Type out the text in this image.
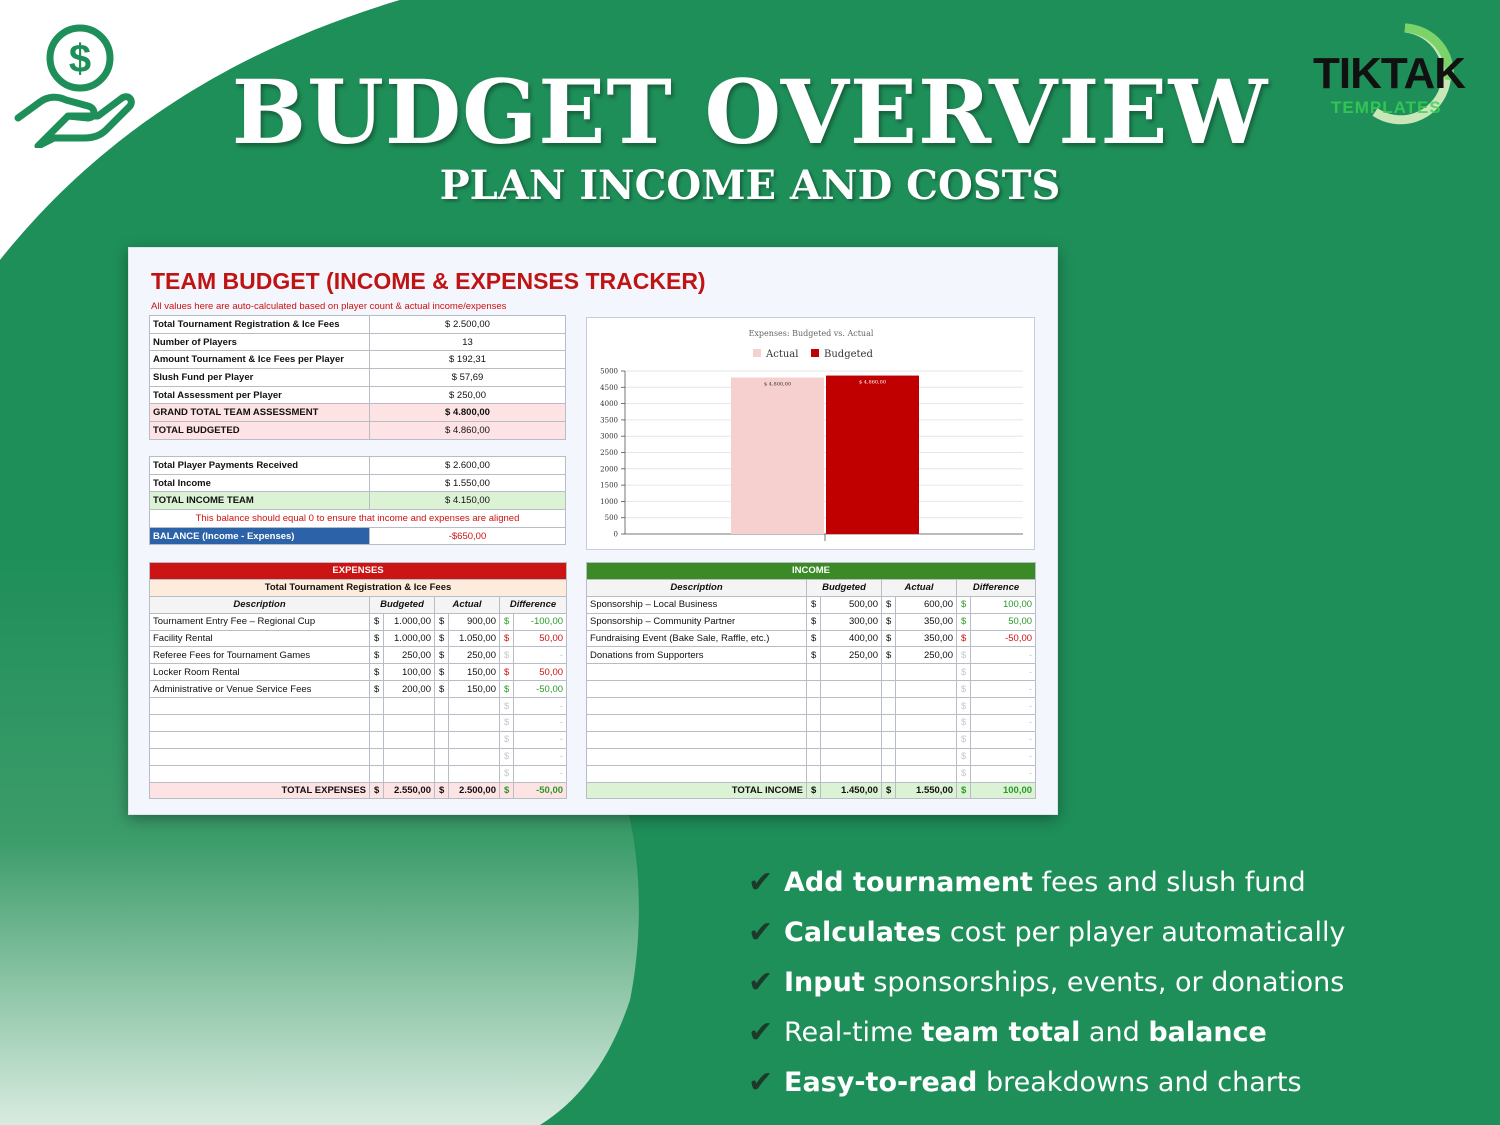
$	TIKTAK
TEMPLATES
BUDGET OVERVIEW
PLAN INCOME AND COSTS
TEAM BUDGET (INCOME & EXPENSES TRACKER)
All values here are auto-calculated based on player count & actual income/expenses
Total Tournament Registration & Ice Fees	$ 2.500,00
Number of Players	13
Amount Tournament & Ice Fees per Player	$ 192,31
Slush Fund per Player	$ 57,69
Total Assessment per Player	$ 250,00
GRAND TOTAL TEAM ASSESSMENT	$ 4.800,00
TOTAL BUDGETED	$ 4.860,00
Total Player Payments Received	$ 2.600,00
Total Income	$ 1.550,00
TOTAL INCOME TEAM	$ 4.150,00
This balance should equal 0 to ensure that income and expenses are aligned	
BALANCE (Income - Expenses)	-$650,00
Expenses: Budgeted vs. Actual
Actual	Budgeted
0
500
1000
1500
2000
2500
3000
3500
4000
4500
5000
$ 4.800,00	$ 4.860,00
EXPENSES						
Total Tournament Registration & Ice Fees						
Description	Budgeted		Actual		Difference	
Tournament Entry Fee – Regional Cup	$	1.000,00	$	900,00	$	-100,00
Facility Rental	$	1.000,00	$	1.050,00	$	50,00
Referee Fees for Tournament Games	$	250,00	$	250,00	$	-
Locker Room Rental	$	100,00	$	150,00	$	50,00
Administrative or Venue Service Fees	$	200,00	$	150,00	$	-50,00
					$	-
					$	-
					$	-
					$	-
					$	-
TOTAL EXPENSES	$	2.550,00	$	2.500,00	$	-50,00
INCOME						
Description	Budgeted		Actual		Difference	
Sponsorship – Local Business	$	500,00	$	600,00	$	100,00
Sponsorship – Community Partner	$	300,00	$	350,00	$	50,00
Fundraising Event (Bake Sale, Raffle, etc.)	$	400,00	$	350,00	$	-50,00
Donations from Supporters	$	250,00	$	250,00	$	-
					$	-
					$	-
					$	-
					$	-
					$	-
					$	-
					$	-
TOTAL INCOME	$	1.450,00	$	1.550,00	$	100,00
✔ Add tournament fees and slush fund
✔ Calculates cost per player automatically
✔ Input sponsorships, events, or donations
✔ Real-time team total and balance
✔ Easy-to-read breakdowns and charts
